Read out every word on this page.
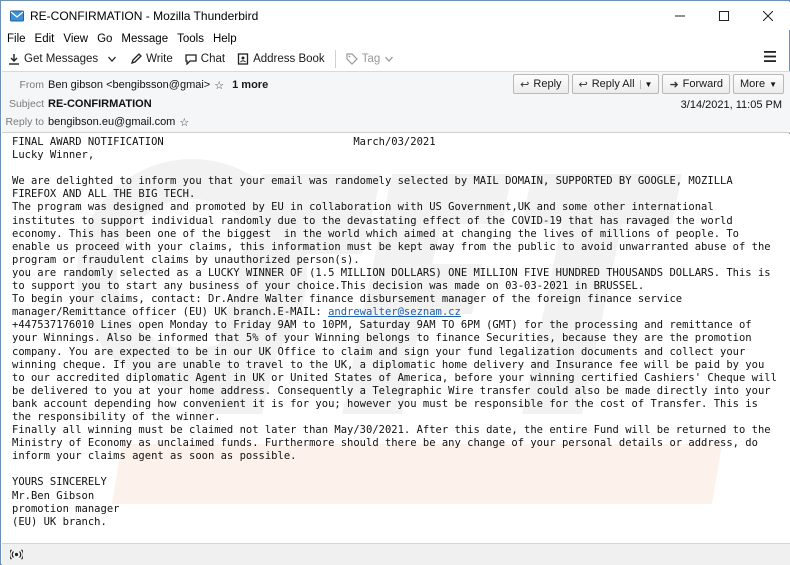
RE-CONFIRMATION - Mozilla Thunderbird
File Edit View Go Message Tools Help
Get Messages	Write Chat Address Book	Tag
From Ben gibson <bengibsson@gmai> ☆ 1 more
Subject RE-CONFIRMATION
Reply to bengibson.eu@gmail.com ☆
↩ Reply ↩ Reply All	▼ ➜ Forward More ▼
3/14/2021, 11:05 PM
FINAL AWARD NOTIFICATION                              March/03/2021
Lucky Winner,

We are delighted to inform you that your email was randomely selected by MAIL DOMAIN, SUPPORTED BY GOOGLE, MOZILLA FIREFOX AND ALL THE BIG TECH.
The program was designed and promoted by EU in collaboration with US Government,UK and some other international institutes to support individual randomly due to the devastating effect of the COVID-19 that has ravaged the world economy. This has been one of the biggest  in the world which aimed at changing the lives of millions of people. To enable us proceed with your claims, this information must be kept away from the public to avoid unwarranted abuse of the program or fraudulent claims by unauthorized person(s).
you are randomly selected as a LUCKY WINNER OF (1.5 MILLION DOLLARS) ONE MILLION FIVE HUNDRED THOUSANDS DOLLARS. This is to support you to start any business of your choice.This decision was made on 03-03-2021 in BRUSSEL.
To begin your claims, contact: Dr.Andre Walter finance disbursement manager of the foreign finance service manager/Remittance officer (EU) UK branch.E-MAIL: andrewalter@seznam.cz
+447537176010 Lines open Monday to Friday 9AM to 10PM, Saturday 9AM TO 6PM (GMT) for the processing and remittance of your Winnings. Also be informed that 5% of your Winning belongs to finance Securities, because they are the promotion company. You are expected to be in our UK Office to claim and sign your fund legalization documents and collect your winning cheque. If you are unable to travel to the UK, a diplomatic home delivery and Insurance fee will be paid by you to our accredited diplomatic Agent in UK or United States of America, before your winning certified Cashiers' Cheque will be delivered to you at your home address. Consequently a Telegraphic Wire transfer could also be made directly into your bank account depending how convenient it is for you; however you must be responsible for the cost of Transfer. This is the responsibility of the winner.
Finally all winning must be claimed not later than May/30/2021. After this date, the entire Fund will be returned to the Ministry of Economy as unclaimed funds. Furthermore should there be any change of your personal details or address, do inform your claims agent as soon as possible.

YOURS SINCERELY
Mr.Ben Gibson
promotion manager
(EU) UK branch.
